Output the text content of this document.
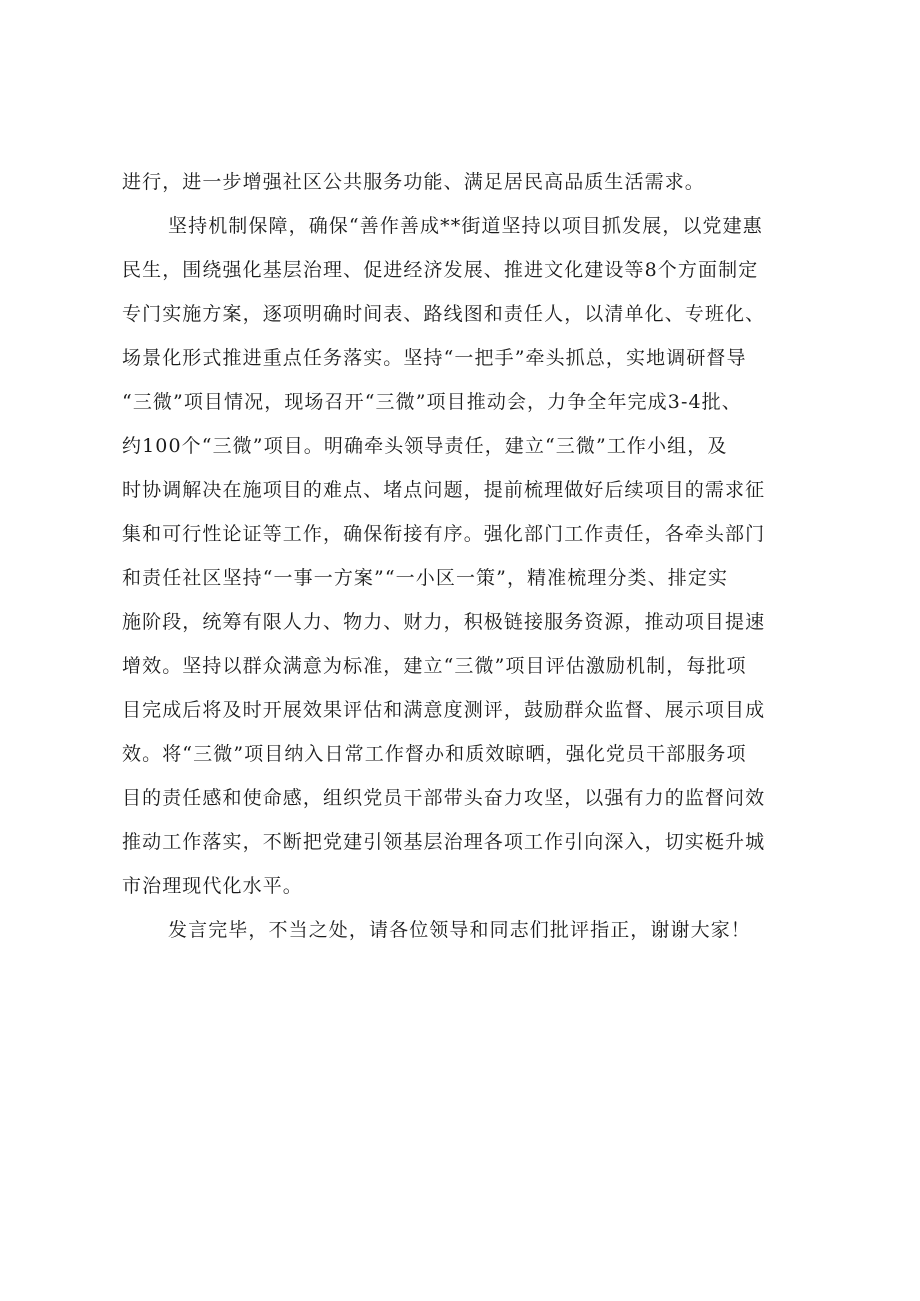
进行，进一步增强社区公共服务功能、满足居民高品质生活需求。
坚持机制保障，确保“善作善成**街道坚持以项目抓发展，以党建惠
民生，围绕强化基层治理、促进经济发展、推进文化建设等8个方面制定
专门实施方案，逐项明确时间表、路线图和责任人，以清单化、专班化、
场景化形式推进重点任务落实。坚持“一把手”牵头抓总，实地调研督导
“三微”项目情况，现场召开“三微”项目推动会，力争全年完成3-4批、
约100个“三微”项目。明确牵头领导责任，建立“三微”工作小组，及
时协调解决在施项目的难点、堵点问题，提前梳理做好后续项目的需求征
集和可行性论证等工作，确保衔接有序。强化部门工作责任，各牵头部门
和责任社区坚持“一事一方案”“一小区一策”，精准梳理分类、排定实
施阶段，统筹有限人力、物力、财力，积极链接服务资源，推动项目提速
增效。坚持以群众满意为标准，建立“三微”项目评估激励机制，每批项
目完成后将及时开展效果评估和满意度测评，鼓励群众监督、展示项目成
效。将“三微”项目纳入日常工作督办和质效晾晒，强化党员干部服务项
目的责任感和使命感，组织党员干部带头奋力攻坚，以强有力的监督问效
推动工作落实，不断把党建引领基层治理各项工作引向深入，切实梃升城
市治理现代化水平。
发言完毕，不当之处，请各位领导和同志们批评指正，谢谢大家！
